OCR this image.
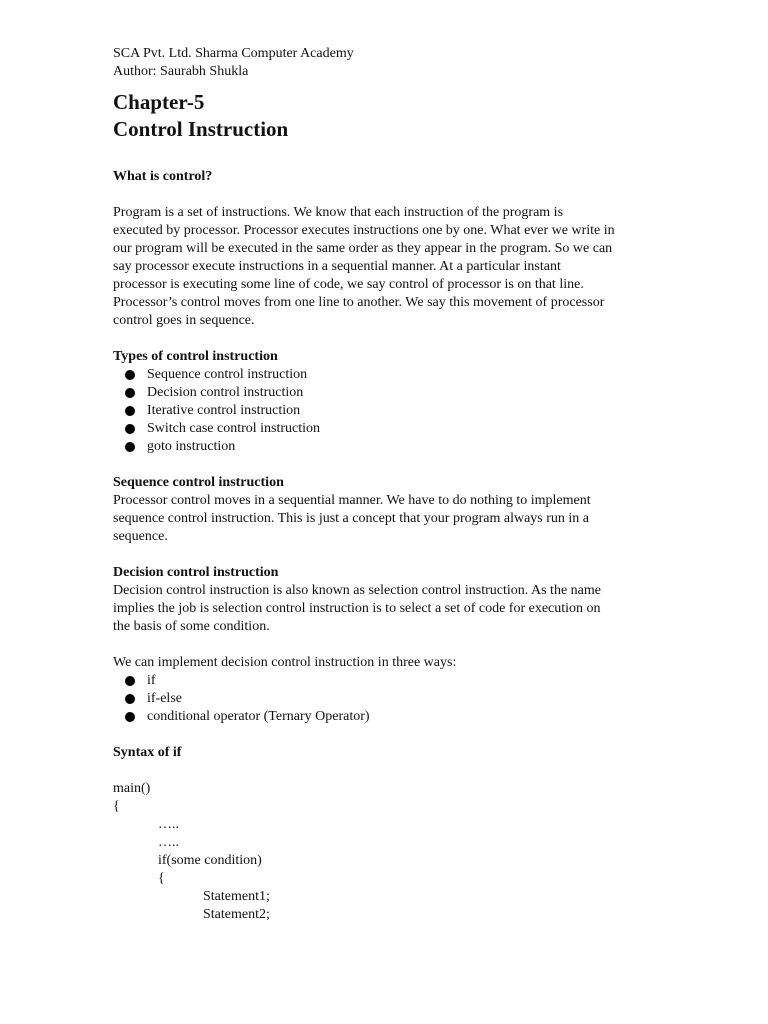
SCA Pvt. Ltd. Sharma Computer Academy

Author: Saurabh Shukla

Chapter-5
Control Instruction

What is control?

Program is a set of instructions. We know that each instruction of the program is

executed by processor. Processor executes instructions one by one. What ever we write in

our program will be executed in the same order as they appear in the program. So we can

say processor execute instructions in a sequential manner. At a particular instant

processor is executing some line of code, we say control of processor is on that line.

Processor’s control moves from one line to another. We say this movement of processor

control goes in sequence.

Types of control instruction

Sequence control instruction
Decision control instruction
Iterative control instruction
Switch case control instruction
goto instruction

Sequence control instruction

Processor control moves in a sequential manner. We have to do nothing to implement

sequence control instruction. This is just a concept that your program always run in a

sequence.

Decision control instruction

Decision control instruction is also known as selection control instruction. As the name

implies the job is selection control instruction is to select a set of code for execution on

the basis of some condition.

We can implement decision control instruction in three ways:

if
if-else
conditional operator (Ternary Operator)

Syntax of if

main()

{

…..

…..

if(some condition)

{

Statement1;

Statement2;
